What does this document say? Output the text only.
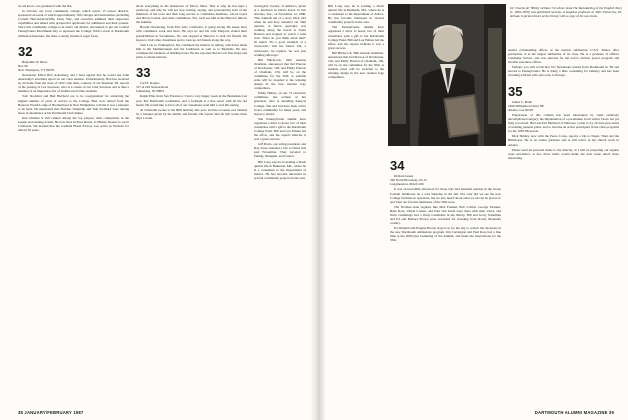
we all know, was graduated with the DA.

In October our local community college, which serves 15 school districts, sponsored an event at which approximately 100 colleges and universities, including Cornell, Harvard-Radcliffe, Penn, Yale, and ourselves admitted their respective capabilities and talked with prospective applicants for admission and their parents. Since this community college is in Jane's old district, she helped to put our Central Pennsylvania Enrollment Day to represent the College. With a stack of Dartmouth admission literature, she drew a steady stream of eager faces.

32

Benjamin W. Drew
Box 99
New Thompson, VT 05079

Newsletter Editor Bob Ackerburg, and I have agreed that he would use John Abernathy's excellent report on our class reunion. Unfortunately, Bob has received no 24 items from the class of 1932. One item, courtesy of Ox Sherman '28, reports of the passing of Lee Swenson, who is a cousin of our John Swenson and is thus a member of an impressive list of alumni and former students.

Tom Stoddard and Bud Hubbard are to be congratulated for achieving the highest number of years of service to the College. Bud, now retired from the Hanover Parish Lodge of Brotherhood in New Hampshire, told me it was a pleasure to be back. He mentioned that Fletcher Vanderlip and Tom Stoddard were among those in attendance at his Dartmouth Club dinner.

Dan Oatman is still ranked among the top players, with competition in the squash and running events. He now lives in Boca Raton, as Hickey Stearns is out in California. We learned that the Cardinal Bread Factory was active in Vermont for almost 30 years.

about everything in his hometown of Tilton, Mass. That is why he has kept a yearbook, and why he will not stop writing, saying, and pronouncing both of the ministers of his town and their long service to committee members, school board and library boards, and other committees. Yes, we'll see him in the Hanover hills in the summer.

Harold Chickering, from Palo Alto, California, is going strong. He keeps busy with committee work and more. He says he and his wife Marjorie visited their grandchildren in Sacramento, Ill., and stopped at Hanover to visit old friends. He hopes to visit other classmates and to look up old friends along the way.

Tom Lott, in Wollingford, has continued his interest in sailing, which has taken him to the Mediterranean and the Caribbean as well as to Bermuda. He also continues his business of building boats. He has reported that he is in fine shape and plans to attend reunion.

33

Carl E. Rogers
317-A Old Nassau Road
Jamesburg, NJ 08831

Ralph Elias from San Francisco: I had a very happy week in the Berkshires last year. My Dartmouth roommates, and a fortnight at a fine resort with all the old hands. He would like to have all of our classmates send him a card this spring.

Al Chisholm awoke to his 80th birthday this year, and the occasion was marked by a banquet given by his family and friends. He reports that he still works three days a week.

Geological Society of America, given at a luncheon in Dick's honor in San Antonio, Tex., on November 12, 1986. This reminds me of a story Dick told when he and Kay attended our 50th reunion. A fellow geologist was walking along the beach at Santa Barbara and stopped to watch a sand crab. 'What do you think about that?' he asked. 'It's a good example of a crustacean,' said his friend. 'Oh, a crustacean,' he replied, 'he was just walking sideways.'

Bill Hitchcock, 36th reunion chairman, announced that Jud Pierson of Dorchester, 128, and Emily Pierson of Chatham, 130, will be on the committee for the 50th. A suitable prize will be awarded to the winning design in the new reunion logo competition.

Emily Hubba, on our 73 executive committee, has written of her grandson, who is attending Kenyon College. She and Jud have been active in her community for many years, and hopes to attend.

The Pennsylvania alumni have organized a drive to honor two of their classmates with a gift to the Dartmouth College Fund. Bill and Lou Fehner led the effort, and the reports indicate it was a great success.

Jeff Davis, our acting president, and Ray Jones attended a trip to China this past November. They traveled to Peking, Shanghai, and Canton.

Bill Long says he is leading a much quieter life in Bethesda, Md., where he is a consultant to the Department of Justice. He has become interested in several community projects in the area.

Bill Long says he is leading a much quieter life in Bethesda, Md., where he is a consultant to the Department of Justice. He has become interested in several community projects in the area.

The Pennsylvania alumni have organized a drive to honor two of their classmates with a gift to the Dartmouth College Fund. Bill and Lou Fehner led the effort, and the reports indicate it was a great success.

Bill Hitchcock, 36th reunion chairman, announced that Jud Pierson of Dorchester, 128, and Emily Pierson of Chatham, 130, will be on the committee for the 50th. A suitable prize will be awarded to the winning design in the new reunion logo competition.

Dr. Charles R. 'Hibby' Artham '34 whose book The Remodeling of the English Navy (c. 1850-1870) was published recently. A longtime professor at Tufts University, Dr. Artham is pictured here at the library with a copy of his new book.
34

Richard Green
349 North Broadway, #5-12
Longmeadow, MA 01106

It was an incredible afternoon for those who had attended reunion in the Green football fieldhouse on a cold Saturday in the fall. Not only did we see the new College facilities in operation, but we also heard about what we all can be proud of, and what our favorite memories of the 50th were.

The Norman state regulars like Max Frankel, Bob Collins, George Thomas, Babe Ross, Vinnie Conner, and Paul Van Zandt were there with their wives, and Dave Cummings had a lively roundtable in the library. Bill and Gerry Scherman and Ed and Barbara Brown were rewarded for traveling from Rocky Mountain country.

Ed Wendell and Eugene Brown stayed on for the day to review the decisions in the new Dartmouth admissions program. Jim Carrington and Paul Ross had a fine time at the 2000 plus Gathering of the Alumni, and made the reservations for the 55th.

named commanding officer of the nuclear submarine, U.S.S. Tinker, after graduation. It is the largest submarine of its class. He is a graduate of Officer Candidate School, and was selected for the navy's nuclear power program and became executive officer.

Perhaps you will recall that Vic Newlander retired from Dartmouth in '69 and moved to Pennsylvania. He is doing a little consulting for industry and has been traveling with his wife and a trip to Europe.

35

James C. Boldt
1690 Williamson Drive NE
Atlanta, GA 30329

Preparation of this column has been interrupted by some relatively uncomplicated surgery, the implantation of a pacemaker, from which I have not yet fully recovered. Bud and Dot Hubbard of Hanover, I plan to try all four-year terms of existing pension plans, and to become an active participant in the class programs for the 1987-88 season.

Dick Shirley, now with the Peace Corps, reports a trip to Nepal, Tibet and the Himalayas. He is an ardent gardener and is still active in his church work in Atlanta.

Please send all personal items to me directly, as I will be preparing our regular class newsletter. A few more items would make the next issue much more interesting.

38 JANUARY/FEBRUARY 1987	DARTMOUTH ALUMNI MAGAZINE 39
